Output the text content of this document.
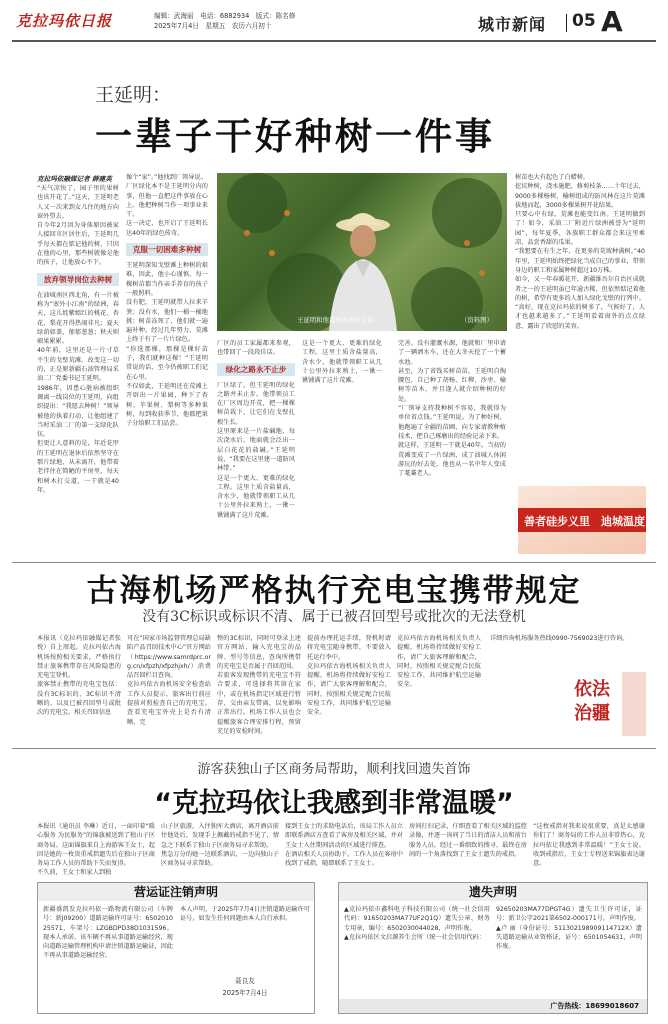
克拉玛依日报	编辑：武海丽　电话：6882934　版式：陈名修
2025年7月4日　星期五　农历六月初十	城市新闻 05 A
王延明：
一辈子干好种树一件事
克拉玛依融媒记者 薛建英

“天气凉快了，园子里的果树也该开花了。”这天，王延明老人又一次来到女儿住的地方向窗外望去。

自今年2月因为身体原因被家人接回市区居住后，王延明几乎每天都在惦记他的树，只因在他的心里，那些树就像是他的孩子，让他放心不下。

放弃领导岗位去种树

在油城南区西北角，有一片被称为“塞外小江南”的绿洲，春天，这儿姹紫嫣红的桃花、杏花、梨花开得热闹非凡；夏天绿荫如盖，郁郁葱葱；秋天则硕果累累。

40年前，这里还是一片寸草不生的戈壁荒滩。改变这一切的，正是原新疆石油管理局采油二厂党委书记王延明。

1986年，因患心脏病被组织调离一线岗位的王延明，向组织提出：“我愿去种树！”领导被他的执着打动，让他组建了当时采油二厂的第一支绿化队伍。

但更让人意料的是，年近花甲的王延明在退休后依然坚守在那片绿地，从未离开，他带着老伴住在简陋的平房里，每天和树木打交道，一干就是40年。

像个“家”。”他找到厂领导说。

厂区绿化本不是王延明分内的事，但他一直把这件事放在心上。他把种树当作一项事业来干。

这一决定，也开启了王延明长达40年的绿色传奇。

克服一切困难多种树

王延明深知戈壁滩上种树的艰难，因此，他小心谨慎，每一棵树苗都当作亲手养育的孩子一般照料。

没有肥，王延明就带人拉来羊粪；没有水，他们一桶一桶地挑；树苗冻死了，他们就一遍遍补种。经过几年努力，荒滩上终于有了一片片绿色。

“你选那棵，那棵是棵好苗子，我们就种这棵！”王延明常说的话，至今仍被职工们记在心里。

不仅如此，王延明还在荒滩上开辟出一片果园，种下了杏树、苹果树、梨树等多种果树，每到收获季节，他都把果子分给职工们品尝。

王延明和他栽种的果树合影。	（资料图）

厂区的员工家属都来参观，也带回了一段段佳话。

绿化之路永不止步

厂区绿了，但王延明的绿化之路并未止步。他带领员工在厂区周边开荒，把一棵棵树苗栽下，让它们在戈壁扎根生长。

这里原来是一片盐碱地，每次浇水后，地面就会泛出一层白花花的盐碱。”王延明说，“我要在这里建一道防风林带。”

这是一个更大、更难的绿化工程。这里土质含盐量高，含水少，他就带领职工从几十公里外拉来熟土，一锹一锹铺满了这片荒滩。

这是一个更大、更难的绿化工程。这里土质含盐量高，含水少，他就带领职工从几十公里外拉来熟土，一锹一锹铺满了这片荒滩。

完善。没有灌溉水源，他就和厂里申请了一辆洒水车，还在大冬天挖了一个蓄水池。

甚至，为了省钱买树苗苗，王延明自掏腰包，自己种了胡杨、红柳、沙枣、榆树等苗木，并且逢人就介绍种树的好处。

“厂领导支持我种树不容易，我就得为单位省点钱。”王延明说。为了种好树，他跑遍了全疆的苗圃，向专家请教种植技术，把自己琢磨出的经验记录下来。

就这样，王延明一干就是40年。当初的荒滩变成了一片绿洲，成了油城人休闲游玩的好去处，他也从一名中年人变成了耄耋老人。

树苗也大有起色了白蜡树。

挖坑种树，浇水施肥，修剪枝条……十年过去，9000多棵杨树、榆树组成的防风林在这片荒滩拔地而起，3000多棵果树开花结果。

只要心中有绿，荒滩也能变红南。王延明做到了！如今，采油二厂附近片绿洲被誉为“延明园”，每年夏季，各族职工群众都会来这里乘凉、品尝香甜的瓜果。

“我想要在有生之年，在更多的荒坡种满树。”40年里，王延明始终把绿化当成自己的事业，带领身边的职工和家属种树超过10万株。

如今，又一年春暖花开，新疆维吾尔自治区成就者之一的王延明虽已年逾古稀，但依然惦记着他的树，希望有更多的人加入绿化戈壁的行列中。

“真好，现在克拉玛依的树多了，气候好了，人才也越来越多了。”王延明看着窗外的点点绿意，露出了欣慰的笑容。

善者硅步义里　迪城温度
古海机场严格执行充电宝携带规定
没有3C标识或标识不清、属于已被召回型号或批次的无法登机

本报讯（克拉玛依融媒记者张悦）自上周起，克拉玛依古海机场按照相关要求，严格执行禁止旅客携带存在风险隐患的充电宝登机。

旅客禁止携带的充电宝包括：没有3C标识的、3C标识不清晰的，以及已被召回型号或批次的充电宝。相关召回信息

可在“国家市场监督管理总局缺陷产品召回技术中心”官方网站（https://www.samrdprc.org.cn/xfpzh/xfpzhjxh/）消费品召回栏目查询。

克拉玛依古海机场安全检查站工作人员提示，旅客出行前应提前对照检查自己的充电宝。查看充电宝外壳上是否有清晰、完

整的3C标识，同时可登录上述官方网站，输入充电宝的品牌、型号等信息，查询所携带的充电宝是否属于召回范围。

若旅客发现携带的充电宝不符合要求，可选择将其留在家中，或在机场指定区域进行暂存、交由亲友带离，以免影响正常出行。机场工作人员也会提醒旅客合理安排行程，预留充足的安检时间。

提前办理托运手续，登机时请将充电宝随身携带，不要放入托运行李中。

克拉玛依古海机场相关负责人提醒，机场将持续做好安检工作，请广大旅客理解和配合，同时，按照相关规定配合民航安检工作，共同维护航空运输安全。

克拉玛依古海机场相关负责人提醒，机场将持续做好安检工作，请广大旅客理解和配合，同时，按照相关规定配合民航安检工作，共同维护航空运输安全。

详细咨询机场服务热线0990-7569023进行咨询。

依法治疆
游客获独山子区商务局帮助，顺利找回遗失首饰
“克拉玛依让我感到非常温暖”

本报讯（通讯员 李琳）近日，一面印着“暖心服务 为民服务”的锦旗被送到了独山子区商务局。这面锦旗来自上海游客王女士，起因是她的一枚贵重戒指遗失后在独山子区商务局工作人员的帮助下失而复得。

不久前，王女士和家人到独

山子区旅游，入住独库大酒店，离开酒店前往他处后，发现手上佩戴的戒指不见了，情急之下联系了独山子区商务局寻求帮助。

焦急万分的她一边联系酒店，一边向独山子区商务局寻求帮助。

接到王女士的求助电话后，该局工作人员立即联系酒店方查看了客房及相关区域，并对王女士入住期间活动的区域进行排查。

在酒店相关人员协助下，工作人员在客房中找到了戒指，随即联系了王女士。

房间打扫记录，仔细查看了相关区域的监控录像，并逐一询问了当日的清洁人员和前台服务人员。经过一番细致的搜寻，最终在房间的一个角落找到了王女士遗失的戒指。

“这枚戒指对我来说很重要，真是太感谢你们了！商务局的工作人员非常热心，克拉玛依让我感到非常温暖！”王女士说。收到戒指后，王女士专程送来锦旗表达谢意。

营运证注销声明

新疆盛凯发克拉玛依一路物流有限公司（车牌号：新J09200）道路运输许可证号：650201025571，车架号：LZGBDPD38D1031596。现本人承诺，该车辆不再从事道路运输经营，现向道路运输管理机构申请注销道路运输证，因此不再从事道路运输经营。

本人声明，于2025年7月4日注销道路运输许可证号，如发生任何问题由本人自行承担。

聂良友
2025年7月4日
遗失声明

▲克拉玛依市鑫科电子科技有限公司（统一社会信用代码：91650203MA77UF2Q1Q）遗失公章、财务专用章，编号：6502030044028，声明作废。

▲克拉玛依区文启源养生会所（统一社会信用代码：

92650203MA77DPGT4G）遗失卫生许可证，证号：新卫公字2021第6502-000171号，声明作废。

▲卢 丽（身份证号：511302198909114712X）遗失道路运输从业资格证，证号：6501054631，声明作废。

广告热线：18699018607
